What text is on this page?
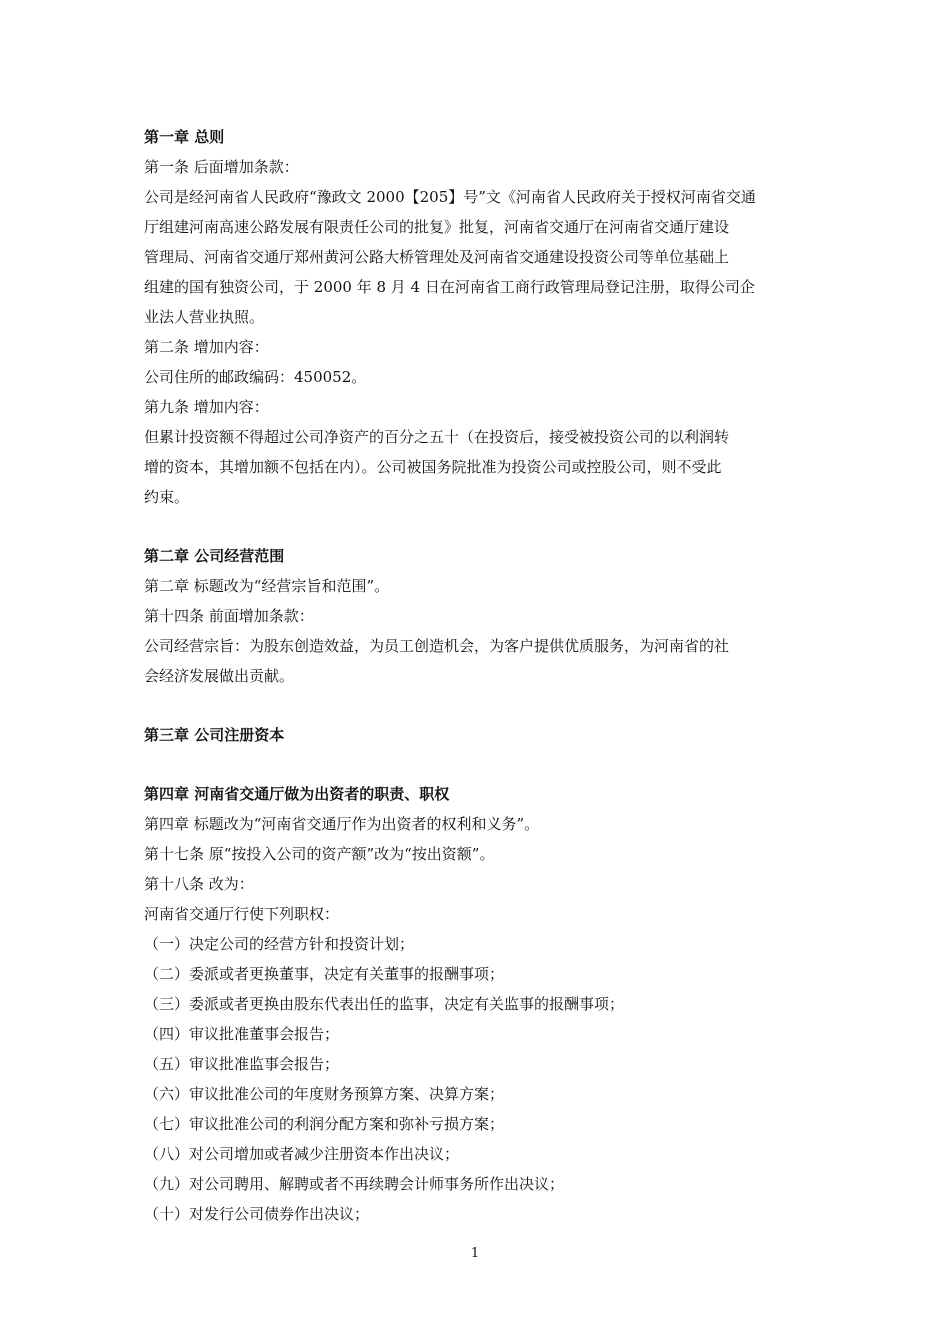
第一章 总则
第一条 后面增加条款：
公司是经河南省人民政府“豫政文 2000【205】号”文《河南省人民政府关于授权河南省交通
厅组建河南高速公路发展有限责任公司的批复》批复，河南省交通厅在河南省交通厅建设
管理局、河南省交通厅郑州黄河公路大桥管理处及河南省交通建设投资公司等单位基础上
组建的国有独资公司，于 2000 年 8 月 4 日在河南省工商行政管理局登记注册，取得公司企
业法人营业执照。
第二条 增加内容：
公司住所的邮政编码：450052。
第九条 增加内容：
但累计投资额不得超过公司净资产的百分之五十（在投资后，接受被投资公司的以利润转
增的资本，其增加额不包括在内）。公司被国务院批准为投资公司或控股公司，则不受此
约束。
第二章 公司经营范围
第二章 标题改为“经营宗旨和范围”。
第十四条 前面增加条款：
公司经营宗旨：为股东创造效益，为员工创造机会，为客户提供优质服务，为河南省的社
会经济发展做出贡献。
第三章 公司注册资本
第四章 河南省交通厅做为出资者的职责、职权
第四章 标题改为“河南省交通厅作为出资者的权利和义务”。
第十七条 原“按投入公司的资产额”改为“按出资额”。
第十八条 改为：
河南省交通厅行使下列职权：
（一）决定公司的经营方针和投资计划；
（二）委派或者更换董事，决定有关董事的报酬事项；
（三）委派或者更换由股东代表出任的监事，决定有关监事的报酬事项；
（四）审议批准董事会报告；
（五）审议批准监事会报告；
（六）审议批准公司的年度财务预算方案、决算方案；
（七）审议批准公司的利润分配方案和弥补亏损方案；
（八）对公司增加或者减少注册资本作出决议；
（九）对公司聘用、解聘或者不再续聘会计师事务所作出决议；
（十）对发行公司债券作出决议；
1
